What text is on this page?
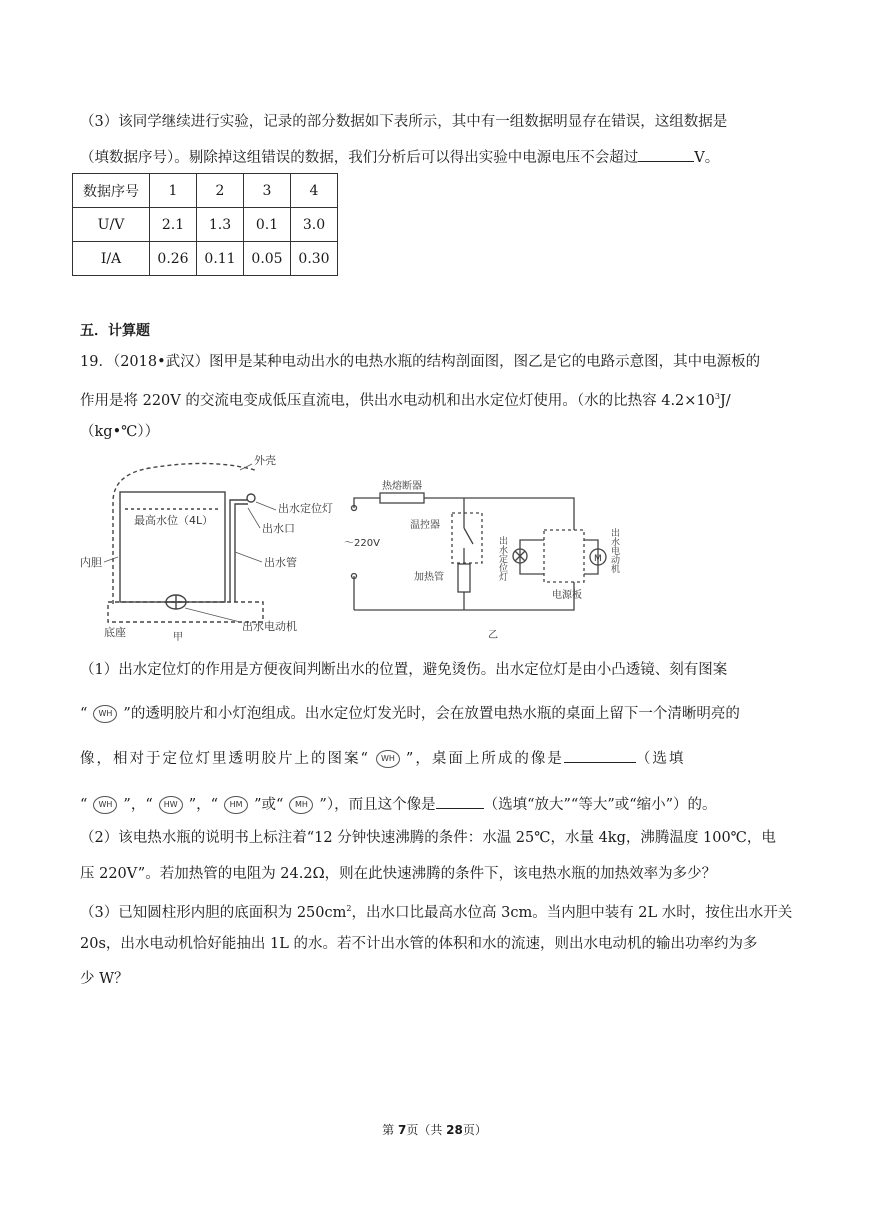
（3）该同学继续进行实验，记录的部分数据如下表所示，其中有一组数据明显存在错误，这组数据是
（填数据序号）。剔除掉这组错误的数据，我们分析后可以得出实验中电源电压不会超过	V。
数据序号	1	2	3	4
U/V	2.1	1.3	0.1	3.0
I/A	0.26	0.11	0.05	0.30
五．计算题
19．（2018•武汉）图甲是某种电动出水的电热水瓶的结构剖面图，图乙是它的电路示意图，其中电源板的
作用是将 220V 的交流电变成低压直流电，供出水电动机和出水定位灯使用。（水的比热容 $4.2\times 10^3J/$
（kg•℃））
外壳
出水定位灯
出水口
最高水位（4L）
内胆	出水管
底座	出水电动机
甲
M
热熔断器
温控器
～220V
加热管	出水定位灯
电源板
出水电动机
乙
（1）出水定位灯的作用是方便夜间判断出水的位置，避免烫伤。出水定位灯是由小凸透镜、刻有图案
“ WH ”的透明胶片和小灯泡组成。出水定位灯发光时，会在放置电热水瓶的桌面上留下一个清晰明亮的
像，相对于定位灯里透明胶片上的图案“ WH ”，桌面上所成的像是	（选填
“ WH ”，“ HW ”，“ HM ”或“ MH ”），而且这个像是	（选填“放大”“等大”或“缩小”）的。
（2）该电热水瓶的说明书上标注着“12 分钟快速沸腾的条件：水温 25℃，水量 4kg，沸腾温度 100℃，电
压 220V”。若加热管的电阻为 24.2Ω，则在此快速沸腾的条件下，该电热水瓶的加热效率为多少？
（3）已知圆柱形内胆的底面积为 $250cm^2$，出水口比最高水位高 3cm。当内胆中装有 2L 水时，按住出水开关
20s，出水电动机恰好能抽出 1L 的水。若不计出水管的体积和水的流速，则出水电动机的输出功率约为多
少 W？
第 7页（共 28页）
